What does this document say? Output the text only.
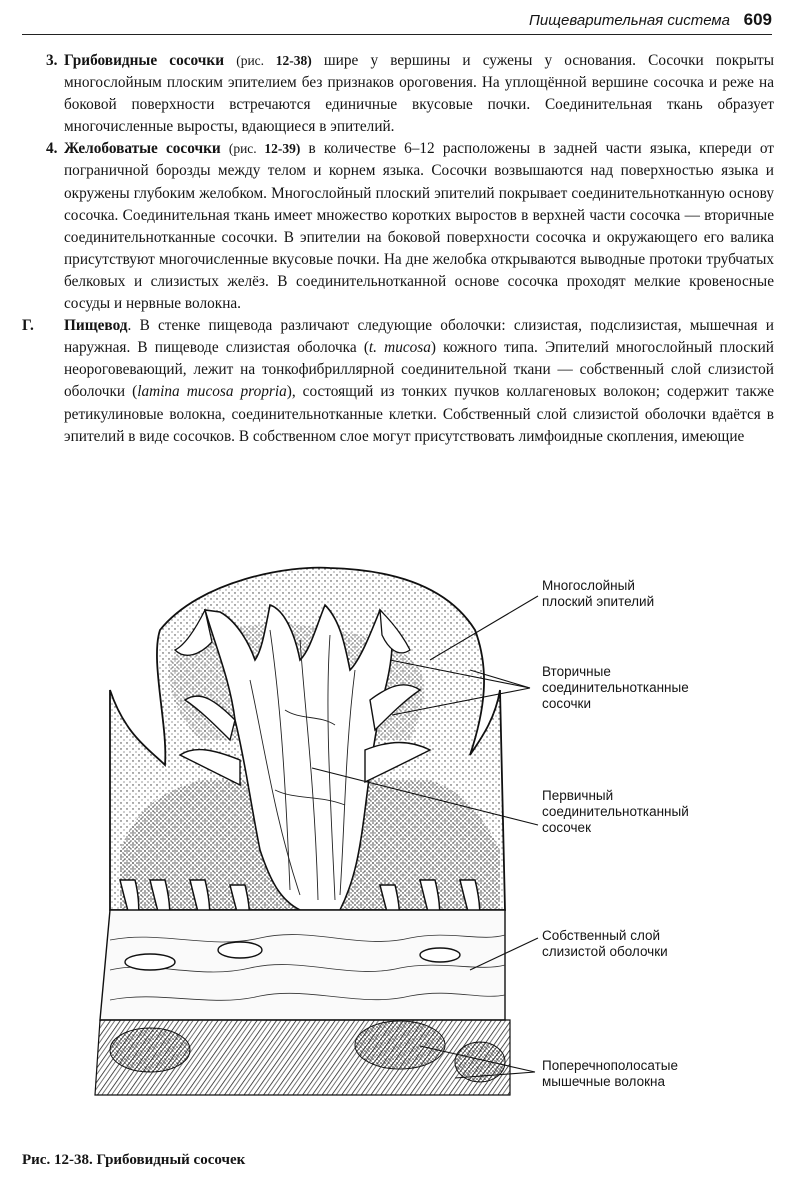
Пищеварительная система 609

3. Грибовидные сосочки (рис. 12-38) шире у вершины и сужены у основания. Сосочки покрыты многослойным плоским эпителием без признаков ороговения. На уплощённой вершине сосочка и реже на боковой поверхности встречаются единичные вкусовые почки. Соединительная ткань образует многочисленные выросты, вдающиеся в эпителий.

4. Желобоватые сосочки (рис. 12-39) в количестве 6–12 расположены в задней части языка, кпереди от пограничной борозды между телом и корнем языка. Сосочки возвышаются над поверхностью языка и окружены глубоким желобком. Многослойный плоский эпителий покрывает соединительнотканную основу сосочка. Соединительная ткань имеет множество коротких выростов в верхней части сосочка — вторичные соединительнотканные сосочки. В эпителии на боковой поверхности сосочка и окружающего его валика присутствуют многочисленные вкусовые почки. На дне желобка открываются выводные протоки трубчатых белковых и слизистых желёз. В соединительнотканной основе сосочка проходят мелкие кровеносные сосуды и нервные волокна.

Г. Пищевод. В стенке пищевода различают следующие оболочки: слизистая, подслизистая, мышечная и наружная. В пищеводе слизистая оболочка (t. mucosa) кожного типа. Эпителий многослойный плоский неороговевающий, лежит на тонкофибриллярной соединительной ткани — собственный слой слизистой оболочки (lamina mucosa propria), состоящий из тонких пучков коллагеновых волокон; содержит также ретикулиновые волокна, соединительнотканные клетки. Собственный слой слизистой оболочки вдаётся в эпителий в виде сосочков. В собственном слое могут присутствовать лимфоидные скопления, имеющие

Многослойный
плоский эпителий
Вторичные
соединительнотканные
сосочки
Первичный
соединительнотканный
сосочек
Собственный слой
слизистой оболочки
Поперечнополосатые
мышечные волокна
Рис. 12-38. Грибовидный сосочек
